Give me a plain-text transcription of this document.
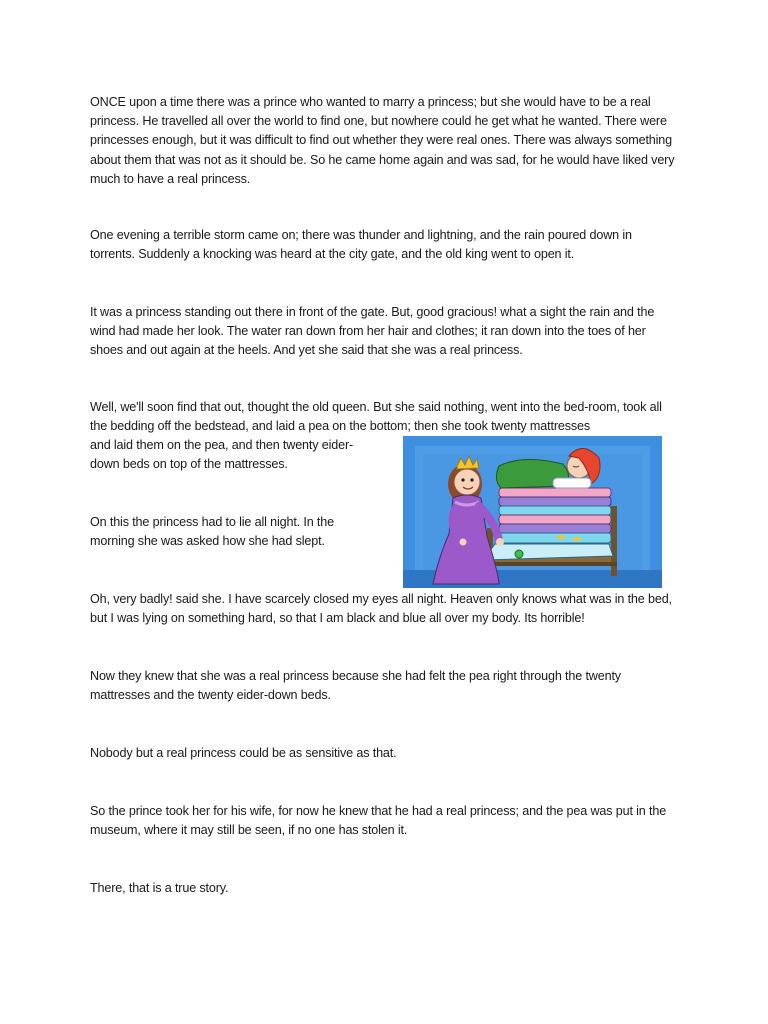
ONCE upon a time there was a prince who wanted to marry a princess; but she would have to be a real princess. He travelled all over the world to find one, but nowhere could he get what he wanted. There were princesses enough, but it was difficult to find out whether they were real ones. There was always something about them that was not as it should be. So he came home again and was sad, for he would have liked very much to have a real princess.

One evening a terrible storm came on; there was thunder and lightning, and the rain poured down in torrents. Suddenly a knocking was heard at the city gate, and the old king went to open it.

It was a princess standing out there in front of the gate. But, good gracious! what a sight the rain and the wind had made her look. The water ran down from her hair and clothes; it ran down into the toes of her shoes and out again at the heels. And yet she said that she was a real princess.

Well, we'll soon find that out, thought the old queen. But she said nothing, went into the bed-room, took all the bedding off the bedstead, and laid a pea on the bottom; then she took twenty mattresses

and laid them on the pea, and then twenty eider-down beds on top of the mattresses.

On this the princess had to lie all night. In the morning she was asked how she had slept.

Oh, very badly! said she. I have scarcely closed my eyes all night. Heaven only knows what was in the bed, but I was lying on something hard, so that I am black and blue all over my body. Its horrible!

Now they knew that she was a real princess because she had felt the pea right through the twenty mattresses and the twenty eider-down beds.

Nobody but a real princess could be as sensitive as that.

So the prince took her for his wife, for now he knew that he had a real princess; and the pea was put in the museum, where it may still be seen, if no one has stolen it.

There, that is a true story.
